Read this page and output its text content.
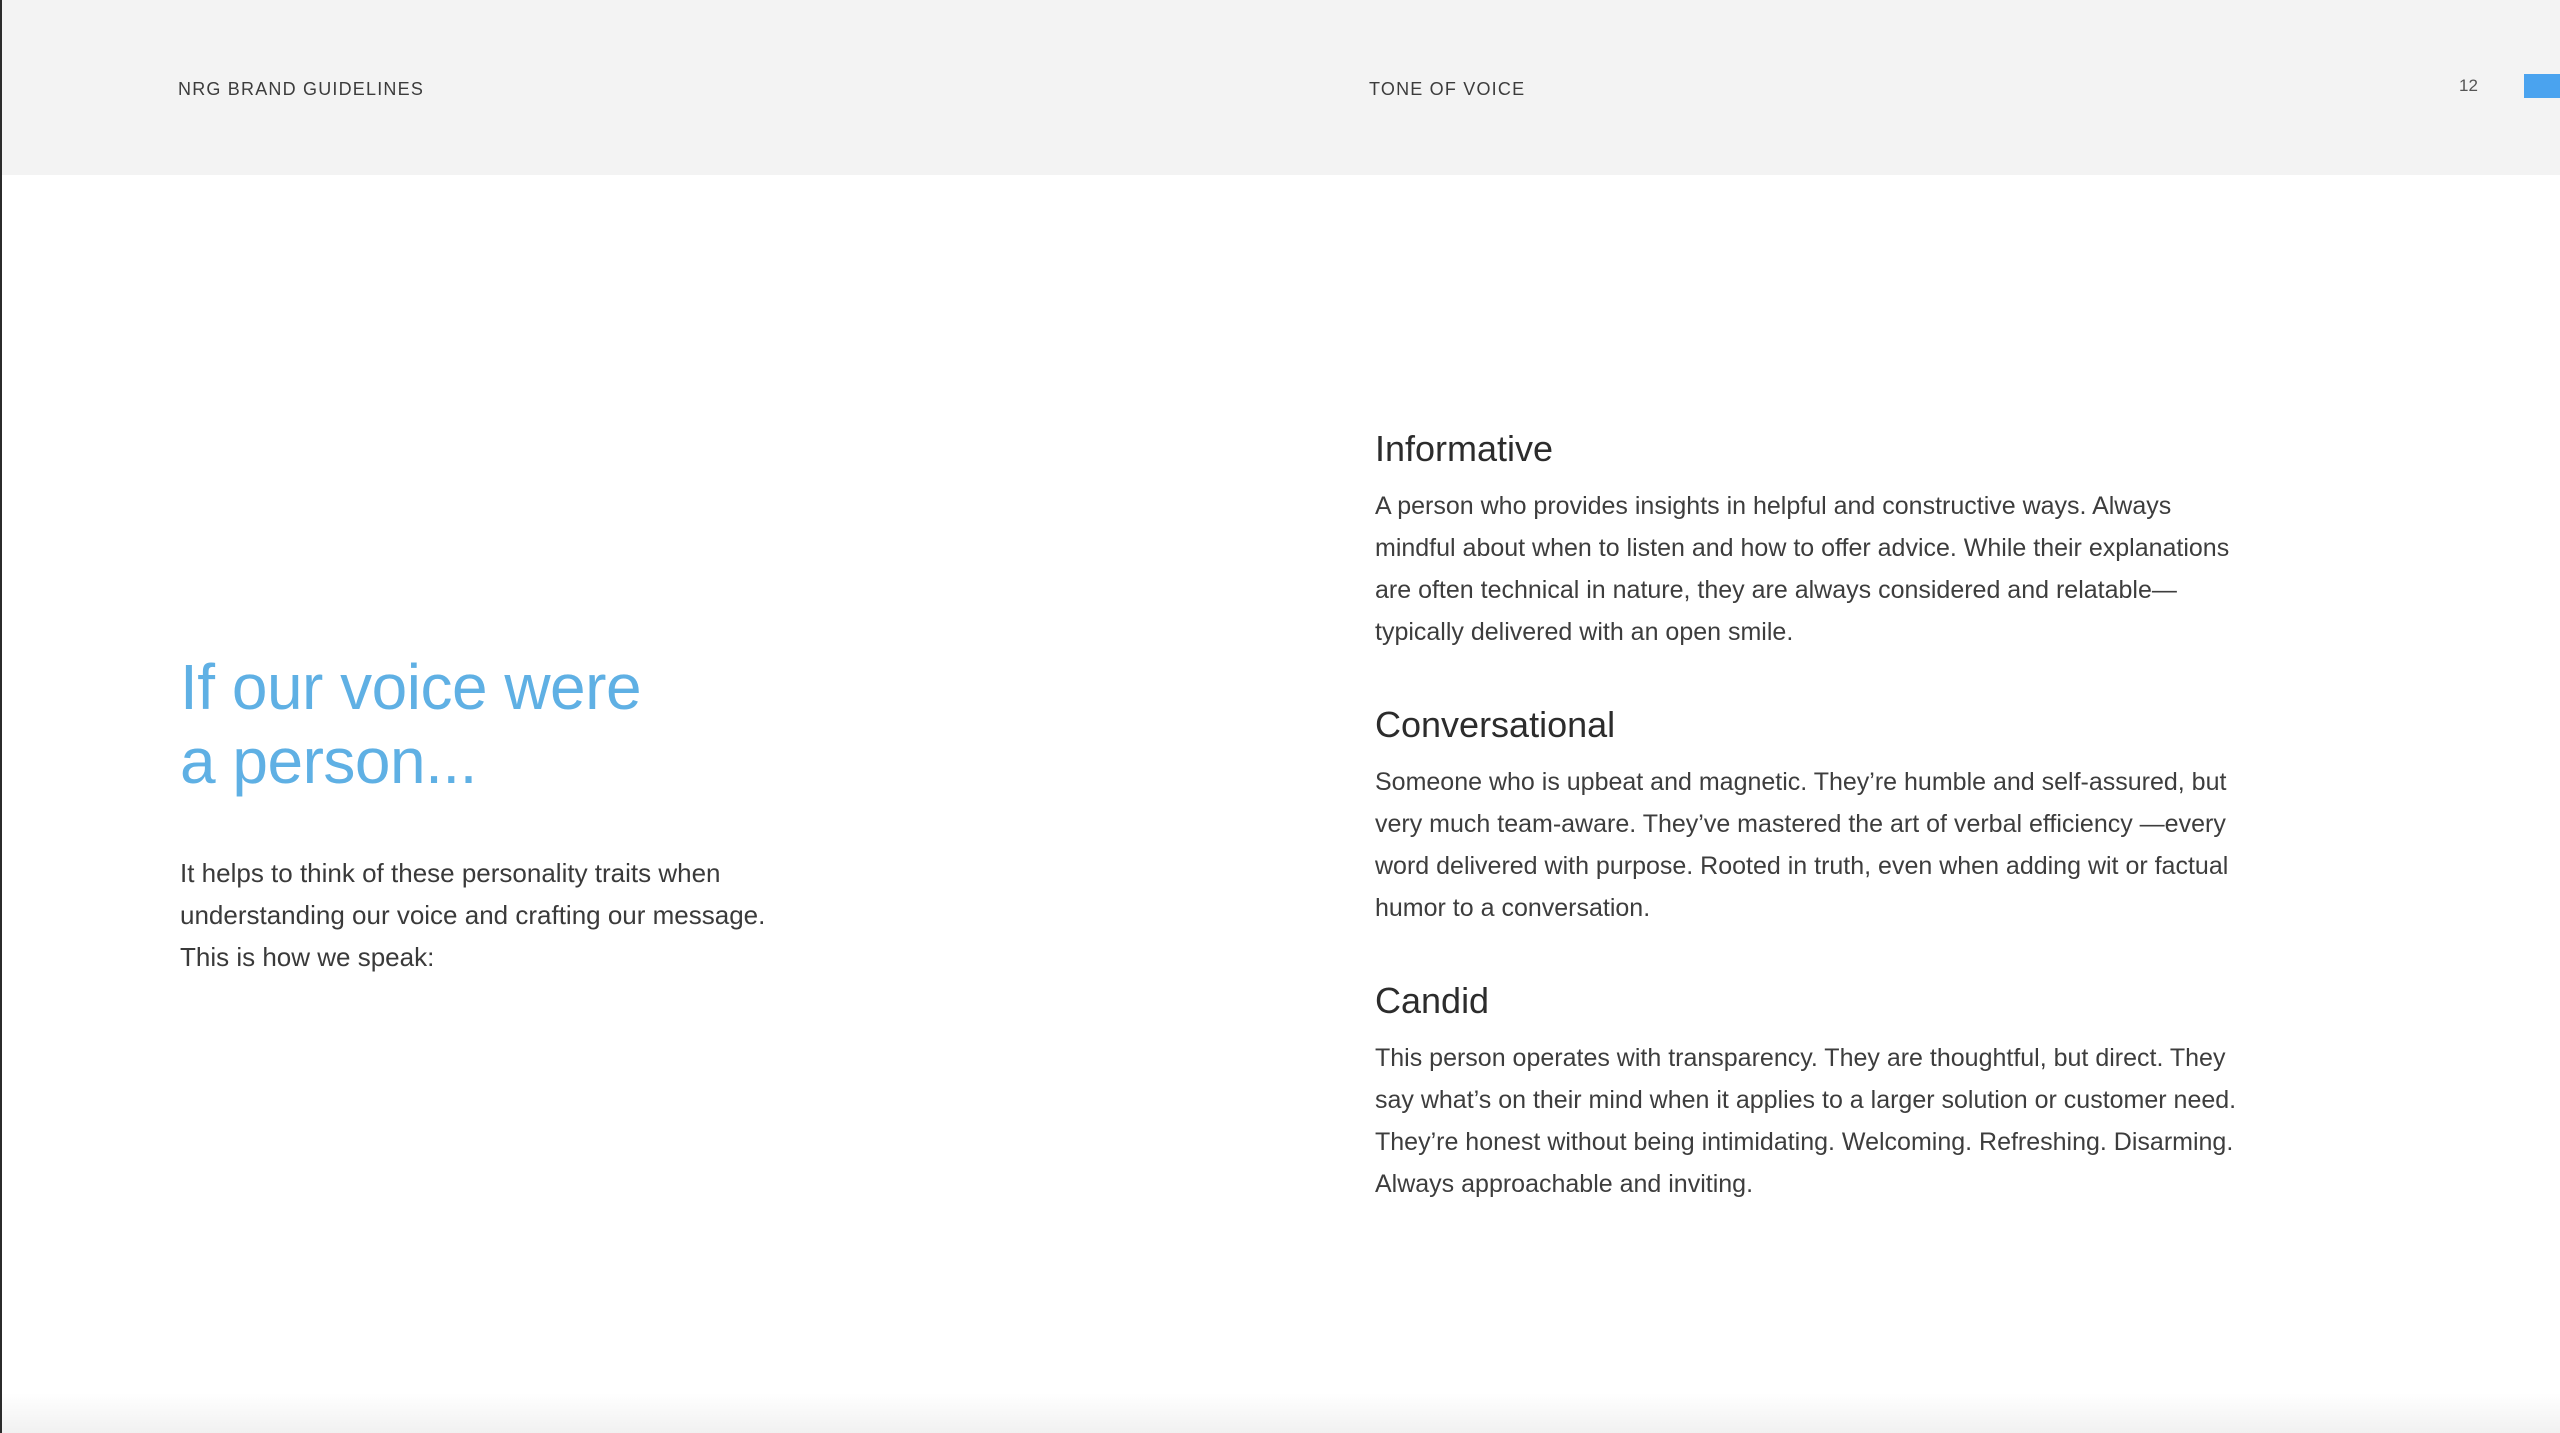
NRG BRAND GUIDELINES	TONE OF VOICE	12
If our voice were
a person...

It helps to think of these personality traits when understanding our voice and crafting our message. This is how we speak:

Informative

A person who provides insights in helpful and constructive ways. Always mindful about when to listen and how to offer advice. While their explanations are often technical in nature, they are always considered and relatable—typically delivered with an open smile.

Conversational

Someone who is upbeat and magnetic. They’re humble and self-assured, but very much team-aware. They’ve mastered the art of verbal efficiency —every word delivered with purpose. Rooted in truth, even when adding wit or factual humor to a conversation.

Candid

This person operates with transparency. They are thoughtful, but direct. They say what’s on their mind when it applies to a larger solution or customer need. They’re honest without being intimidating. Welcoming. Refreshing. Disarming. Always approachable and inviting.
